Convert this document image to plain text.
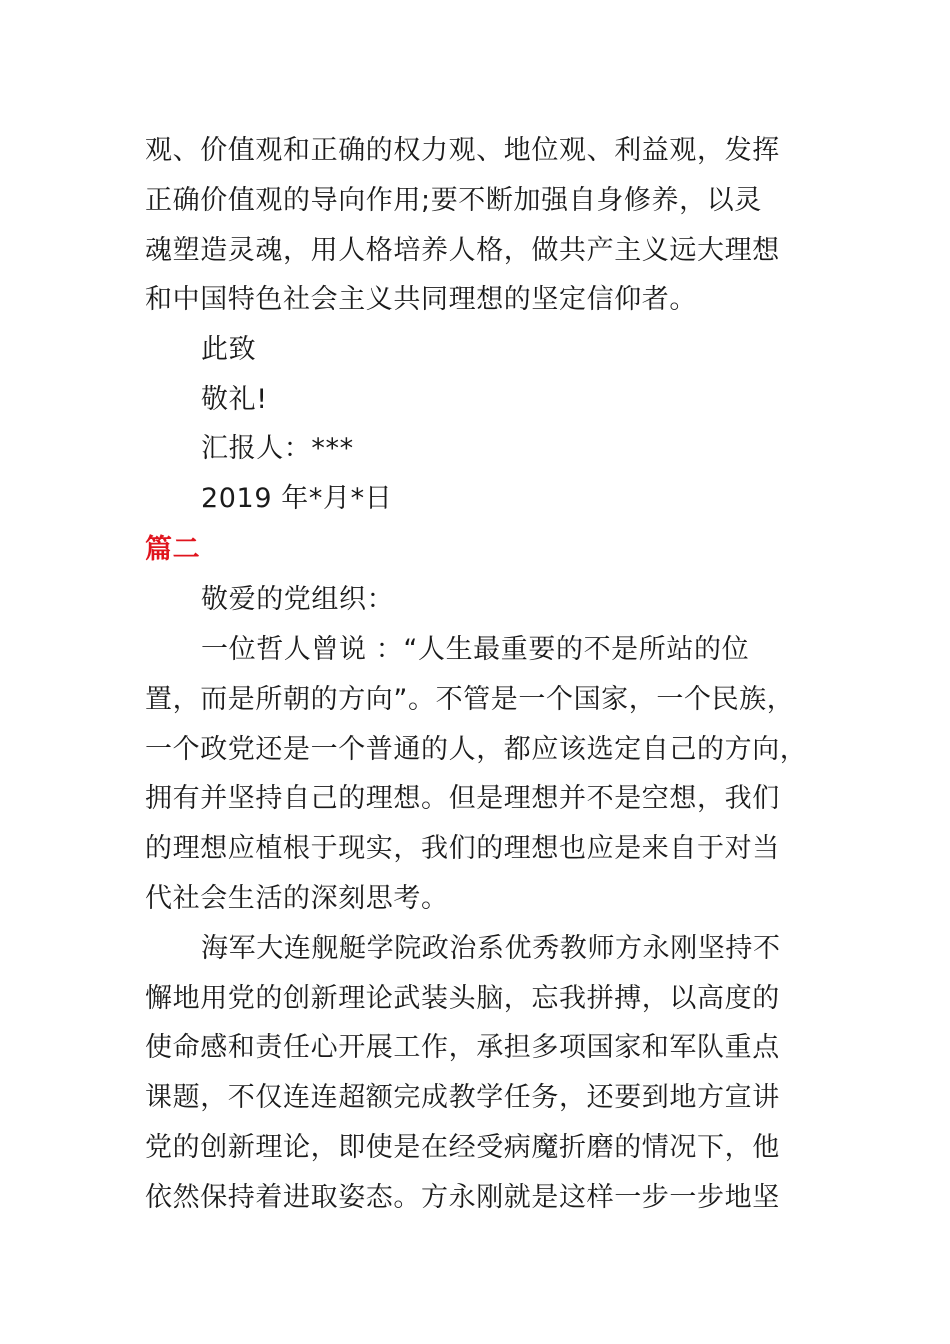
观、价值观和正确的权力观、地位观、利益观，发挥
正确价值观的导向作用;要不断加强自身修养，以灵
魂塑造灵魂，用人格培养人格，做共产主义远大理想
和中国特色社会主义共同理想的坚定信仰者。
此致
敬礼!
汇报人：***
2019 年*月*日
篇二
敬爱的党组织：
一位哲人曾说 ：“人生最重要的不是所站的位
置，而是所朝的方向”。不管是一个国家，一个民族，
一个政党还是一个普通的人，都应该选定自己的方向，
拥有并坚持自己的理想。但是理想并不是空想，我们
的理想应植根于现实，我们的理想也应是来自于对当
代社会生活的深刻思考。
海军大连舰艇学院政治系优秀教师方永刚坚持不
懈地用党的创新理论武装头脑，忘我拼搏，以高度的
使命感和责任心开展工作，承担多项国家和军队重点
课题，不仅连连超额完成教学任务，还要到地方宣讲
党的创新理论，即使是在经受病魔折磨的情况下，他
依然保持着进取姿态。方永刚就是这样一步一步地坚
